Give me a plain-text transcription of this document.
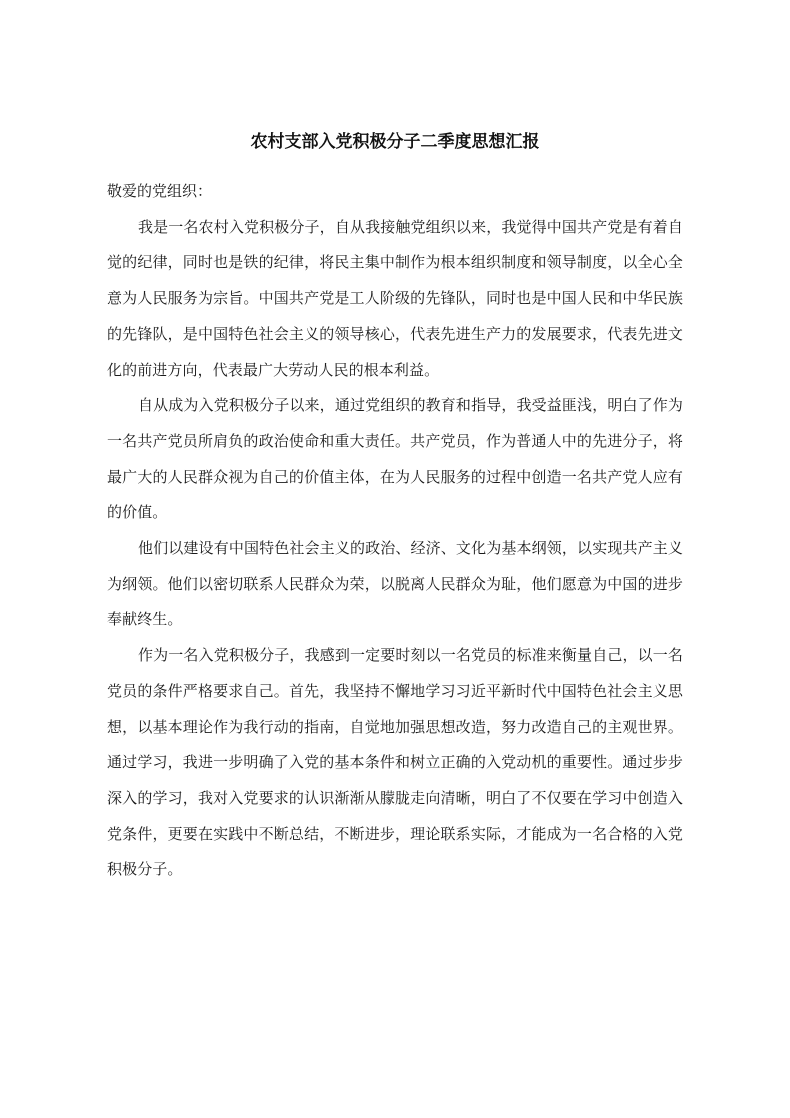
农村支部入党积极分子二季度思想汇报

敬爱的党组织：

我是一名农村入党积极分子，自从我接触党组织以来，我觉得中国共产党是有着自觉的纪律，同时也是铁的纪律，将民主集中制作为根本组织制度和领导制度，以全心全意为人民服务为宗旨。中国共产党是工人阶级的先锋队，同时也是中国人民和中华民族的先锋队，是中国特色社会主义的领导核心，代表先进生产力的发展要求，代表先进文化的前进方向，代表最广大劳动人民的根本利益。

自从成为入党积极分子以来，通过党组织的教育和指导，我受益匪浅，明白了作为一名共产党员所肩负的政治使命和重大责任。共产党员，作为普通人中的先进分子，将最广大的人民群众视为自己的价值主体，在为人民服务的过程中创造一名共产党人应有的价值。

他们以建设有中国特色社会主义的政治、经济、文化为基本纲领，以实现共产主义为纲领。他们以密切联系人民群众为荣，以脱离人民群众为耻，他们愿意为中国的进步奉献终生。

作为一名入党积极分子，我感到一定要时刻以一名党员的标准来衡量自己，以一名党员的条件严格要求自己。首先，我坚持不懈地学习习近平新时代中国特色社会主义思想，以基本理论作为我行动的指南，自觉地加强思想改造，努力改造自己的主观世界。通过学习，我进一步明确了入党的基本条件和树立正确的入党动机的重要性。通过步步深入的学习，我对入党要求的认识渐渐从朦胧走向清晰，明白了不仅要在学习中创造入党条件，更要在实践中不断总结，不断进步，理论联系实际，才能成为一名合格的入党积极分子。
